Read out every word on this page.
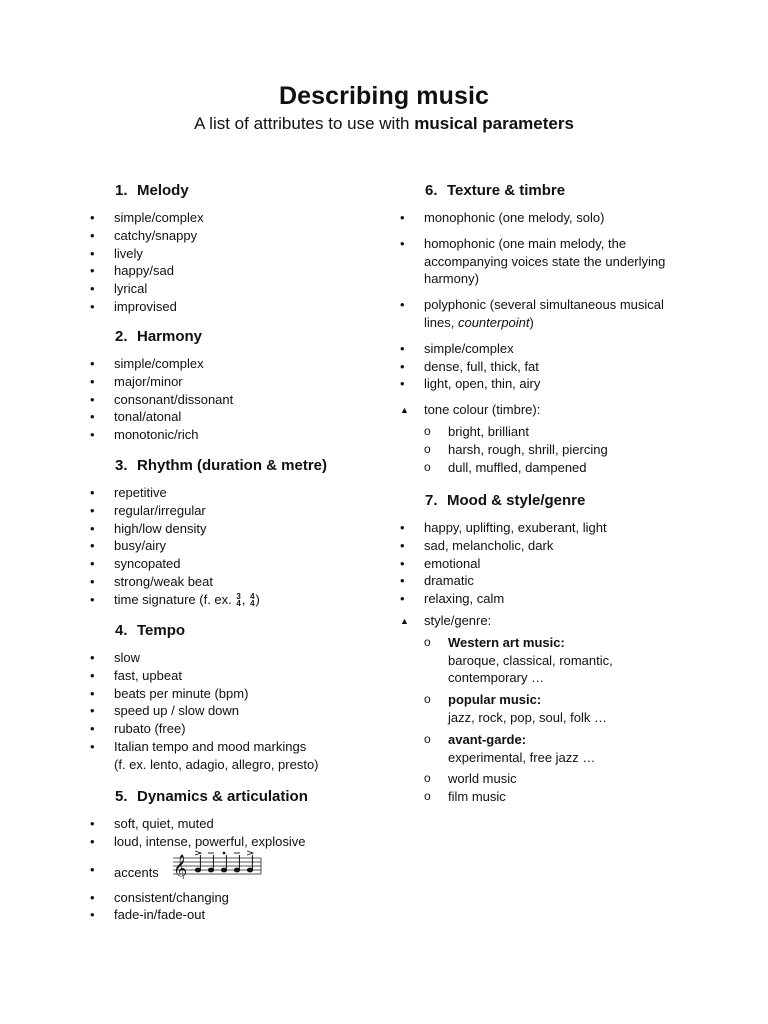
Describing music
A list of attributes to use with musical parameters
1. Melody
•
simple/complex
•
catchy/snappy
•
lively
•
happy/sad
•
lyrical
•
improvised
2. Harmony
•
simple/complex
•
major/minor
•
consonant/dissonant
•
tonal/atonal
•
monotonic/rich
3. Rhythm (duration & metre)
•
repetitive
•
regular/irregular
•
high/low density
•
busy/airy
•
syncopated
•
strong/weak beat
•
time signature (f. ex. 3
4 , 4
4 )
4. Tempo
•
slow
•
fast, upbeat
•
beats per minute (bpm)
•
speed up / slow down
•
rubato (free)
•
Italian tempo and mood markings
(f. ex. lento, adagio, allegro, presto)
5. Dynamics & articulation
•
soft, quiet, muted
•
loud, intense, powerful, explosive
•
accents 𝄞
•
consistent/changing
•
fade-in/fade-out
6. Texture & timbre
•
monophonic (one melody, solo)
•
homophonic (one main melody, the accompanying voices state the underlying harmony)
•
polyphonic (several simultaneous musical lines, counterpoint)
•
simple/complex
•
dense, full, thick, fat
•
light, open, thin, airy
▲
tone colour (timbre):
o bright, brilliant
o harsh, rough, shrill, piercing
o dull, muffled, dampened
7. Mood & style/genre
•
happy, uplifting, exuberant, light
•
sad, melancholic, dark
•
emotional
•
dramatic
•
relaxing, calm
▲
style/genre:
o Western art music:
baroque, classical, romantic, contemporary …
o popular music:
jazz, rock, pop, soul, folk …
o avant-garde:
experimental, free jazz …
o world music
o film music
